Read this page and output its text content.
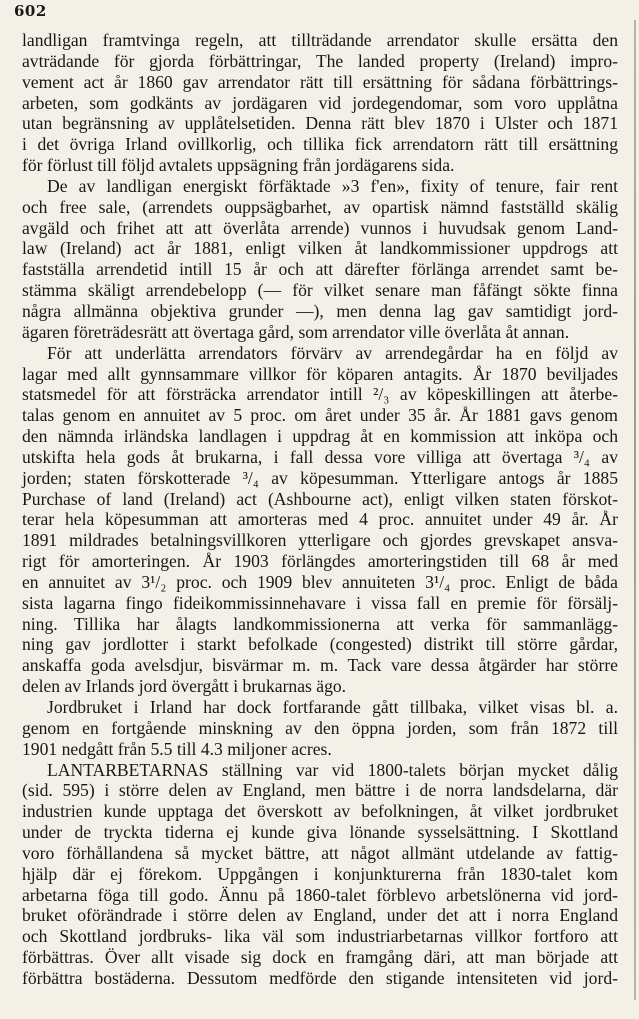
602
landligan framtvinga regeln, att tillträdande arrendator skulle ersätta den
avträdande för gjorda förbättringar, The landed property (Ireland) impro-
vement act år 1860 gav arrendator rätt till ersättning för sådana förbättrings-
arbeten, som godkänts av jordägaren vid jordegendomar, som voro upplåtna
utan begränsning av upplåtelsetiden. Denna rätt blev 1870 i Ulster och 1871
i det övriga Irland ovillkorlig, och tillika fick arrendatorn rätt till ersättning
för förlust till följd avtalets uppsägning från jordägarens sida.
De av landligan energiskt förfäktade »3 f'en», fixity of tenure, fair rent
och free sale, (arrendets ouppsägbarhet, av opartisk nämnd fastställd skälig
avgäld och frihet att att överlåta arrende) vunnos i huvudsak genom Land-
law (Ireland) act år 1881, enligt vilken åt landkommissioner uppdrogs att
fastställa arrendetid intill 15 år och att därefter förlänga arrendet samt be-
stämma skäligt arrendebelopp (— för vilket senare man fåfängt sökte finna
några allmänna objektiva grunder —), men denna lag gav samtidigt jord-
ägaren företrädesrätt att övertaga gård, som arrendator ville överlåta åt annan.
För att underlätta arrendators förvärv av arrendegårdar ha en följd av
lagar med allt gynnsammare villkor för köparen antagits. År 1870 beviljades
statsmedel för att försträcka arrendator intill ²/₃ av köpeskillingen att återbe-
talas genom en annuitet av 5 proc. om året under 35 år. År 1881 gavs genom
den nämnda irländska landlagen i uppdrag åt en kommission att inköpa och
utskifta hela gods åt brukarna, i fall dessa vore villiga att övertaga ³/₄ av
jorden; staten förskotterade ³/₄ av köpesumman. Ytterligare antogs år 1885
Purchase of land (Ireland) act (Ashbourne act), enligt vilken staten förskot-
terar hela köpesumman att amorteras med 4 proc. annuitet under 49 år. År
1891 mildrades betalningsvillkoren ytterligare och gjordes grevskapet ansva-
rigt för amorteringen. År 1903 förlängdes amorteringstiden till 68 år med
en annuitet av 3¹/₂ proc. och 1909 blev annuiteten 3¹/₄ proc. Enligt de båda
sista lagarna fingo fideikommissinnehavare i vissa fall en premie för försälj-
ning. Tillika har ålagts landkommissionerna att verka för sammanlägg-
ning gav jordlotter i starkt befolkade (congested) distrikt till större gårdar,
anskaffa goda avelsdjur, bisvärmar m. m. Tack vare dessa åtgärder har större
delen av Irlands jord övergått i brukarnas ägo.
Jordbruket i Irland har dock fortfarande gått tillbaka, vilket visas bl. a.
genom en fortgående minskning av den öppna jorden, som från 1872 till
1901 nedgått från 5.5 till 4.3 miljoner acres.
LANTARBETARNAS ställning var vid 1800-talets början mycket dålig
(sid. 595) i större delen av England, men bättre i de norra landsdelarna, där
industrien kunde upptaga det överskott av befolkningen, åt vilket jordbruket
under de tryckta tiderna ej kunde giva lönande sysselsättning. I Skottland
voro förhållandena så mycket bättre, att något allmänt utdelande av fattig-
hjälp där ej förekom. Uppgången i konjunkturerna från 1830-talet kom
arbetarna föga till godo. Ännu på 1860-talet förblevo arbetslönerna vid jord-
bruket oförändrade i större delen av England, under det att i norra England
och Skottland jordbruks- lika väl som industriarbetarnas villkor fortforo att
förbättras. Över allt visade sig dock en framgång däri, att man började att
förbättra bostäderna. Dessutom medförde den stigande intensiteten vid jord-
